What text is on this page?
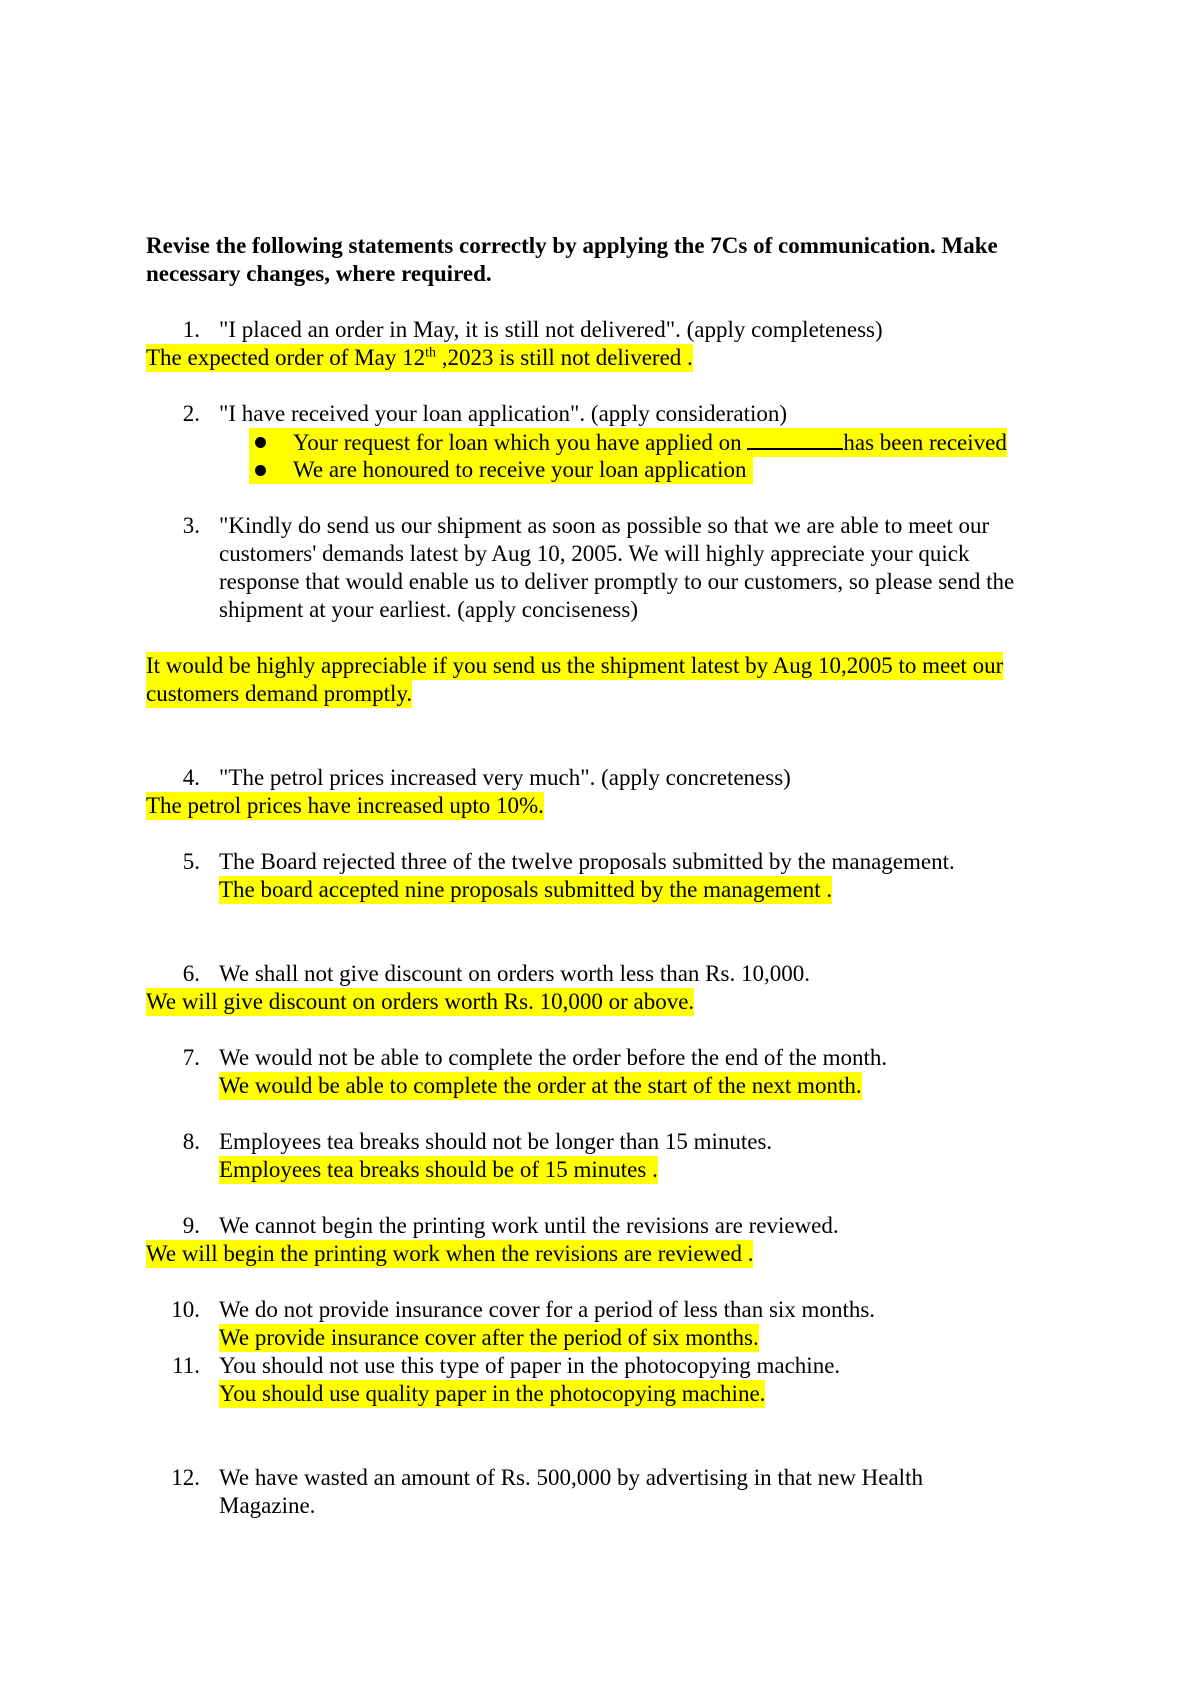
Revise the following statements correctly by applying the 7Cs of communication. Make
necessary changes, where required.
1. "I placed an order in May, it is still not delivered". (apply completeness)
The expected order of May 12th ,2023 is still not delivered .
2. "I have received your loan application". (apply consideration)
Your request for loan which you have applied on	has been received
We are honoured to receive your loan application
3. "Kindly do send us our shipment as soon as possible so that we are able to meet our
customers' demands latest by Aug 10, 2005. We will highly appreciate your quick
response that would enable us to deliver promptly to our customers, so please send the
shipment at your earliest. (apply conciseness)
It would be highly appreciable if you send us the shipment latest by Aug 10,2005 to meet our
customers demand promptly.
4. "The petrol prices increased very much". (apply concreteness)
The petrol prices have increased upto 10%.
5. The Board rejected three of the twelve proposals submitted by the management.
The board accepted nine proposals submitted by the management .
6. We shall not give discount on orders worth less than Rs. 10,000.
We will give discount on orders worth Rs. 10,000 or above.
7. We would not be able to complete the order before the end of the month.
We would be able to complete the order at the start of the next month.
8. Employees tea breaks should not be longer than 15 minutes.
Employees tea breaks should be of 15 minutes .
9. We cannot begin the printing work until the revisions are reviewed.
We will begin the printing work when the revisions are reviewed .
10. We do not provide insurance cover for a period of less than six months.
We provide insurance cover after the period of six months.
11. You should not use this type of paper in the photocopying machine.
You should use quality paper in the photocopying machine.
12. We have wasted an amount of Rs. 500,000 by advertising in that new Health
Magazine.
